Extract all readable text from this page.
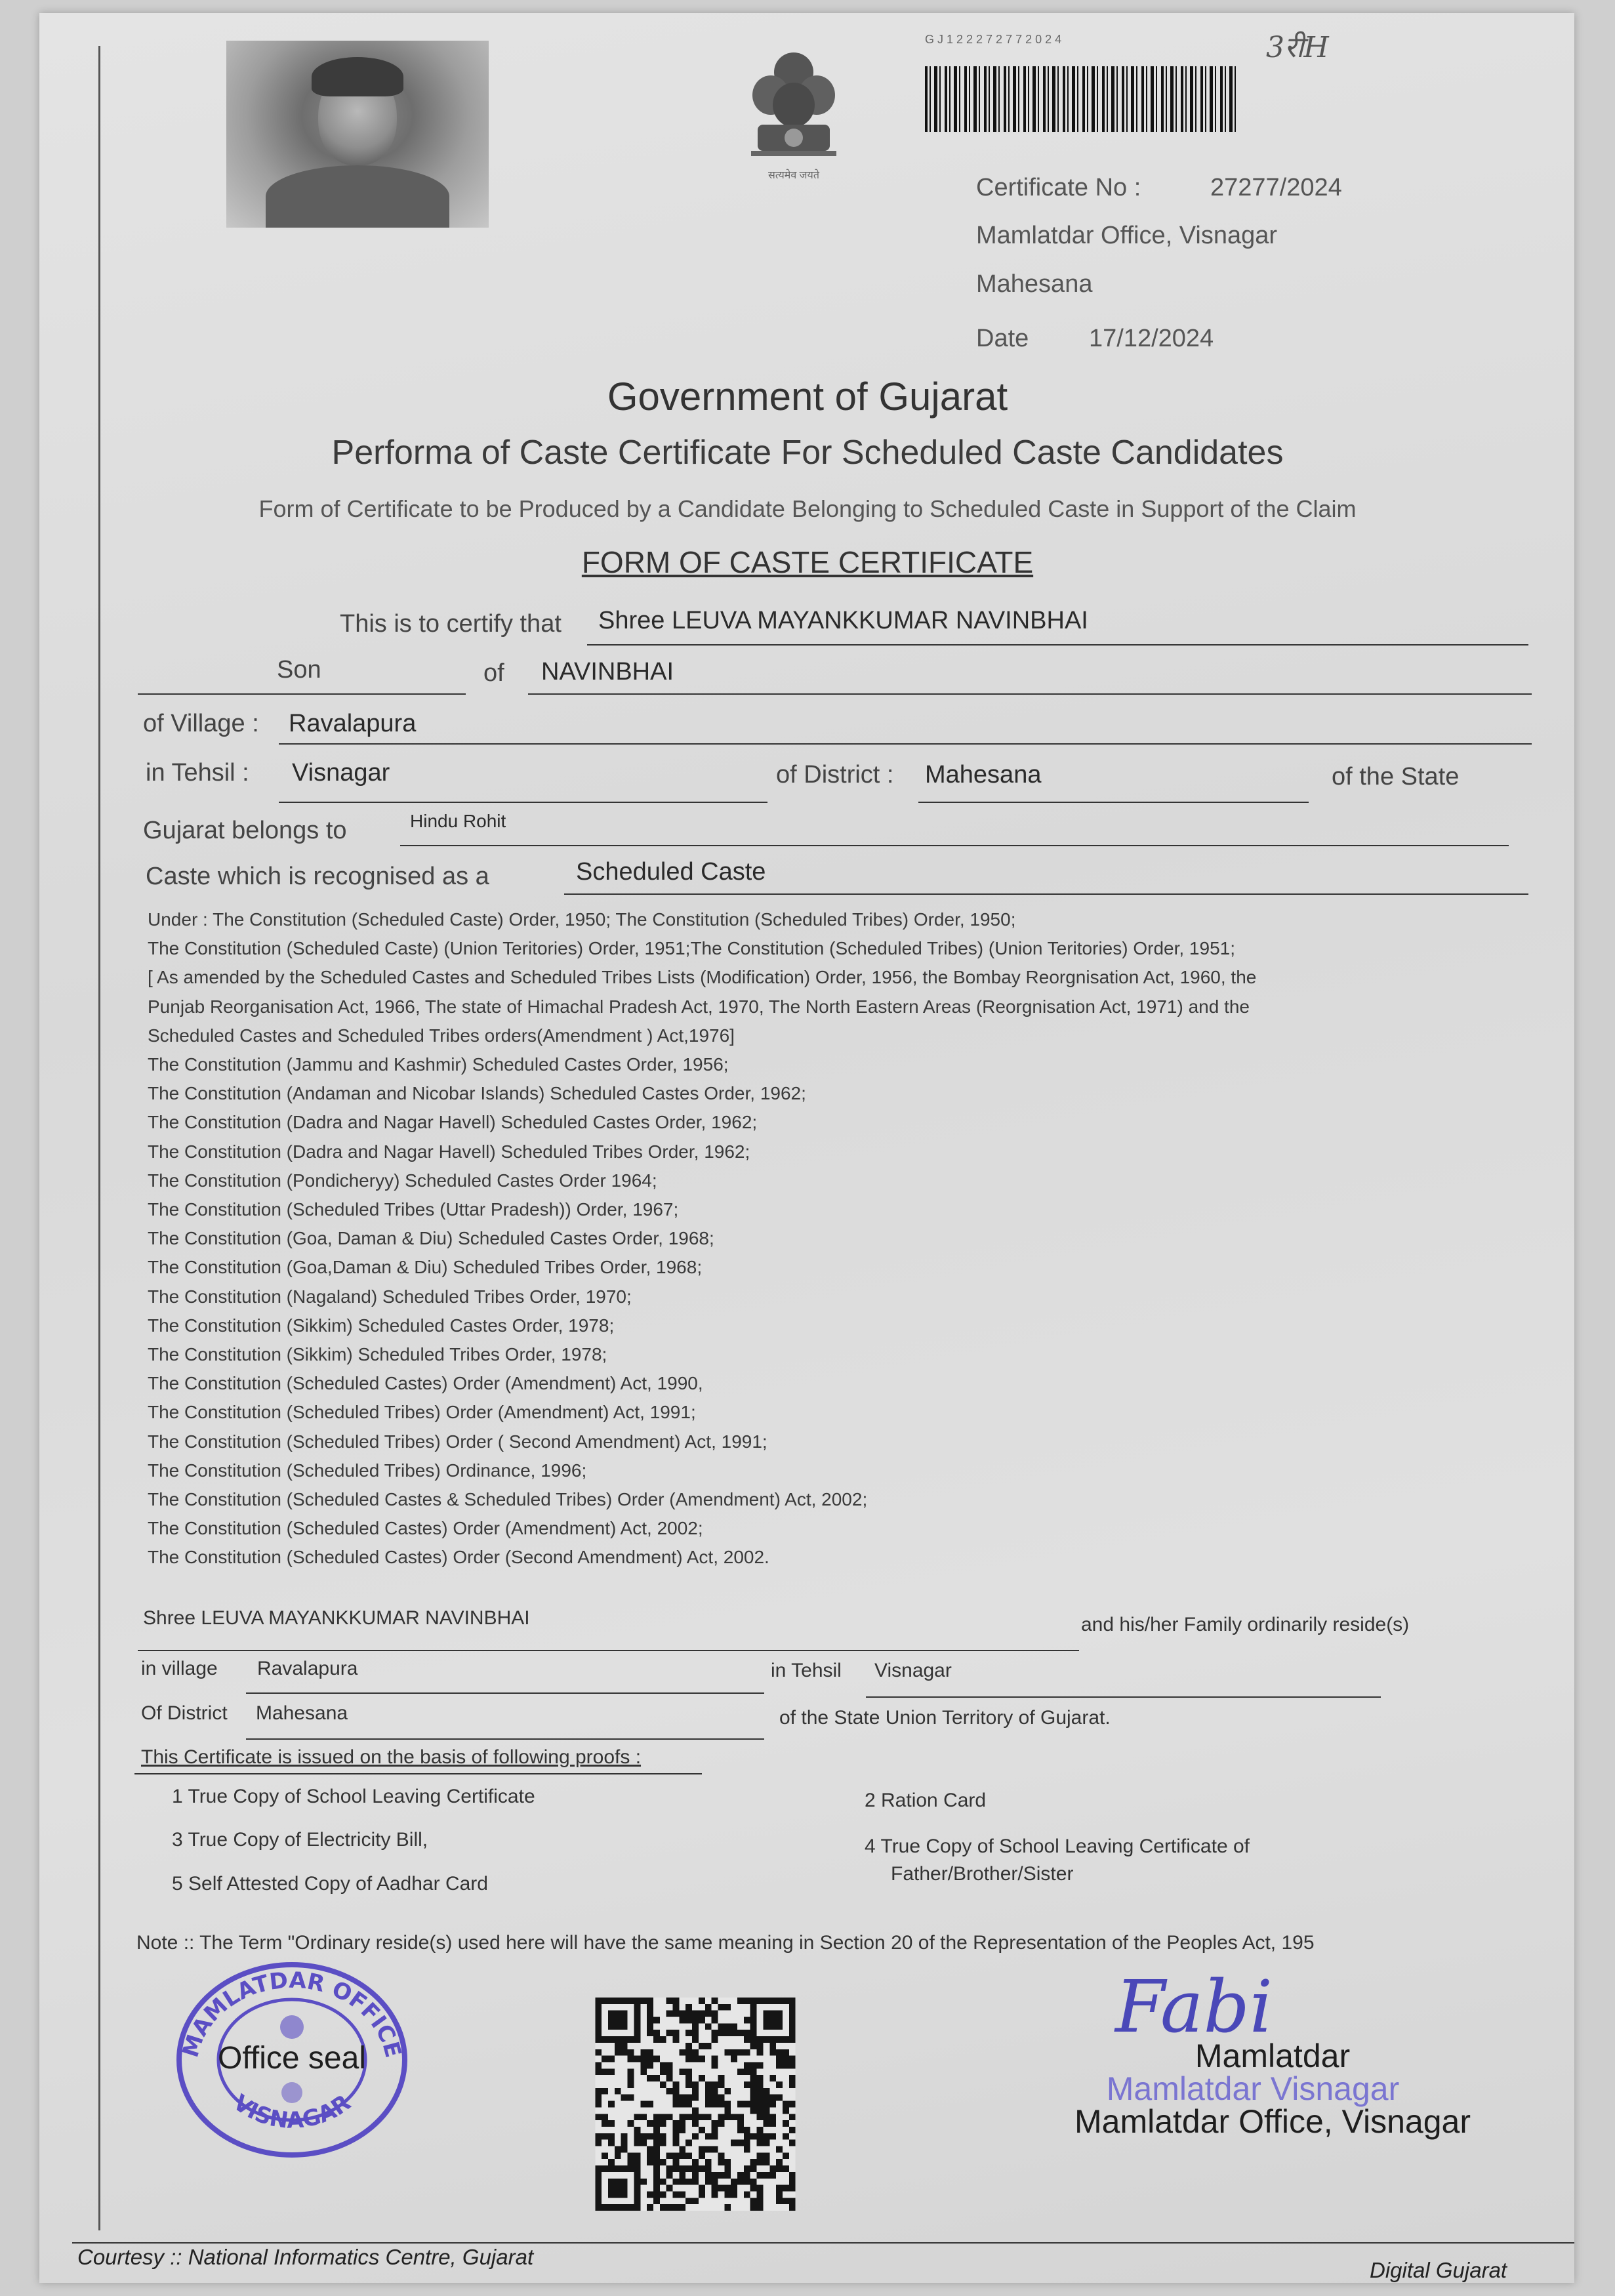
सत्यमेव जयते
G J 1 2 2 2 7 2 7 7 2 0 2 4	3रीH
Certificate No :	27277/2024
Mamlatdar Office, Visnagar
Mahesana
Date 17/12/2024
Government of Gujarat
Performa of Caste Certificate For Scheduled Caste Candidates
Form of Certificate to be Produced by a Candidate Belonging to Scheduled Caste in Support of the Claim
FORM OF CASTE CERTIFICATE
This is to certify that Shree LEUVA MAYANKKUMAR NAVINBHAI
Son	of NAVINBHAI
of Village : Ravalapura
in Tehsil : Visnagar	of District : Mahesana	of the State
Gujarat belongs to	Hindu Rohit
Caste which is recognised as a	Scheduled Caste
Under : The Constitution (Scheduled Caste) Order, 1950; The Constitution (Scheduled Tribes) Order, 1950;
The Constitution (Scheduled Caste) (Union Teritories) Order, 1951;The Constitution (Scheduled Tribes) (Union Teritories) Order, 1951;
[ As amended by the Scheduled Castes and Scheduled Tribes Lists (Modification) Order, 1956, the Bombay Reorgnisation Act, 1960, the
Punjab Reorganisation Act, 1966, The state of Himachal Pradesh Act, 1970, The North Eastern Areas (Reorgnisation Act, 1971) and the
Scheduled Castes and Scheduled Tribes orders(Amendment ) Act,1976]
The Constitution (Jammu and Kashmir) Scheduled Castes Order, 1956;
The Constitution (Andaman and Nicobar Islands) Scheduled Castes Order, 1962;
The Constitution (Dadra and Nagar Havell) Scheduled Castes Order, 1962;
The Constitution (Dadra and Nagar Havell) Scheduled Tribes Order, 1962;
The Constitution (Pondicheryy) Scheduled Castes Order 1964;
The Constitution (Scheduled Tribes (Uttar Pradesh)) Order, 1967;
The Constitution (Goa, Daman & Diu) Scheduled Castes Order, 1968;
The Constitution (Goa,Daman & Diu) Scheduled Tribes Order, 1968;
The Constitution (Nagaland) Scheduled Tribes Order, 1970;
The Constitution (Sikkim) Scheduled Castes Order, 1978;
The Constitution (Sikkim) Scheduled Tribes Order, 1978;
The Constitution (Scheduled Castes) Order (Amendment) Act, 1990,
The Constitution (Scheduled Tribes) Order (Amendment) Act, 1991;
The Constitution (Scheduled Tribes) Order ( Second Amendment) Act, 1991;
The Constitution (Scheduled Tribes) Ordinance, 1996;
The Constitution (Scheduled Castes & Scheduled Tribes) Order (Amendment) Act, 2002;
The Constitution (Scheduled Castes) Order (Amendment) Act, 2002;
The Constitution (Scheduled Castes) Order (Second Amendment) Act, 2002.
Shree LEUVA MAYANKKUMAR NAVINBHAI	and his/her Family ordinarily reside(s)
in village Ravalapura	in Tehsil Visnagar
Of District Mahesana	of the State Union Territory of Gujarat.
This Certificate is issued on the basis of following proofs :
1 True Copy of School Leaving Certificate	2 Ration Card
3 True Copy of Electricity Bill,	4 True Copy of School Leaving Certificate of
Father/Brother/Sister
5 Self Attested Copy of Aadhar Card
Note :: The Term "Ordinary reside(s) used here will have the same meaning in Section 20 of the Representation of the Peoples Act, 195
MAMLATDAR OFFICE
VISNAGAR
Office seal
Fabi
Mamlatdar
Mamlatdar Visnagar
Mamlatdar Office, Visnagar
Courtesy :: National Informatics Centre, Gujarat
Digital Gujarat
